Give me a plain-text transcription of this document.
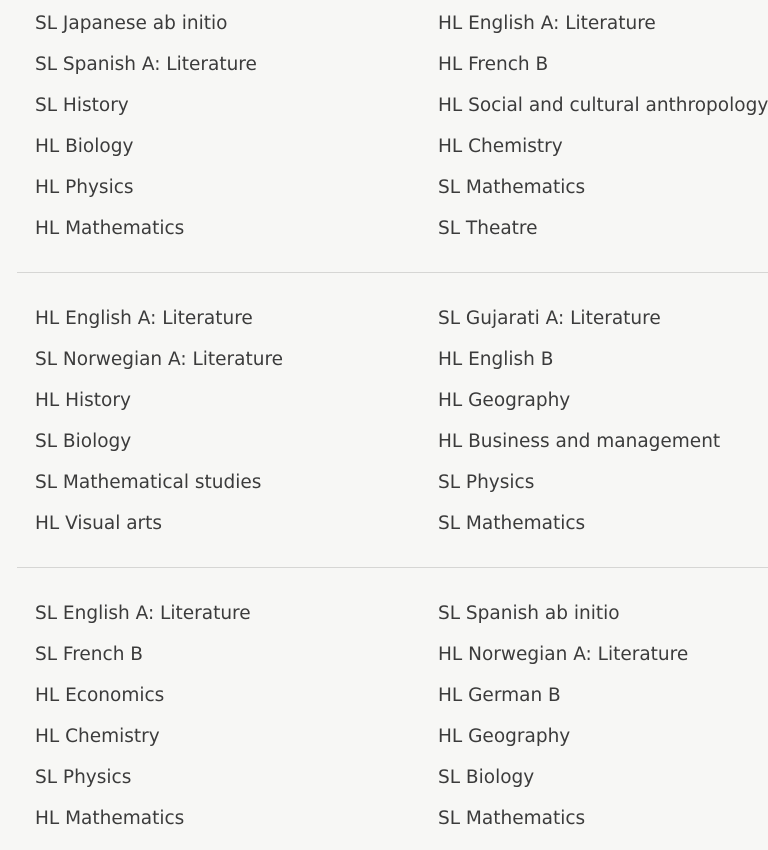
SL Japanese ab initio
SL Spanish A: Literature
SL History
HL Biology
HL Physics
HL Mathematics
HL English A: Literature
HL French B
HL Social and cultural anthropology
HL Chemistry
SL Mathematics
SL Theatre
HL English A: Literature
SL Norwegian A: Literature
HL History
SL Biology
SL Mathematical studies
HL Visual arts
SL Gujarati A: Literature
HL English B
HL Geography
HL Business and management
SL Physics
SL Mathematics
SL English A: Literature
SL French B
HL Economics
HL Chemistry
SL Physics
HL Mathematics
SL Spanish ab initio
HL Norwegian A: Literature
HL German B
HL Geography
SL Biology
SL Mathematics
